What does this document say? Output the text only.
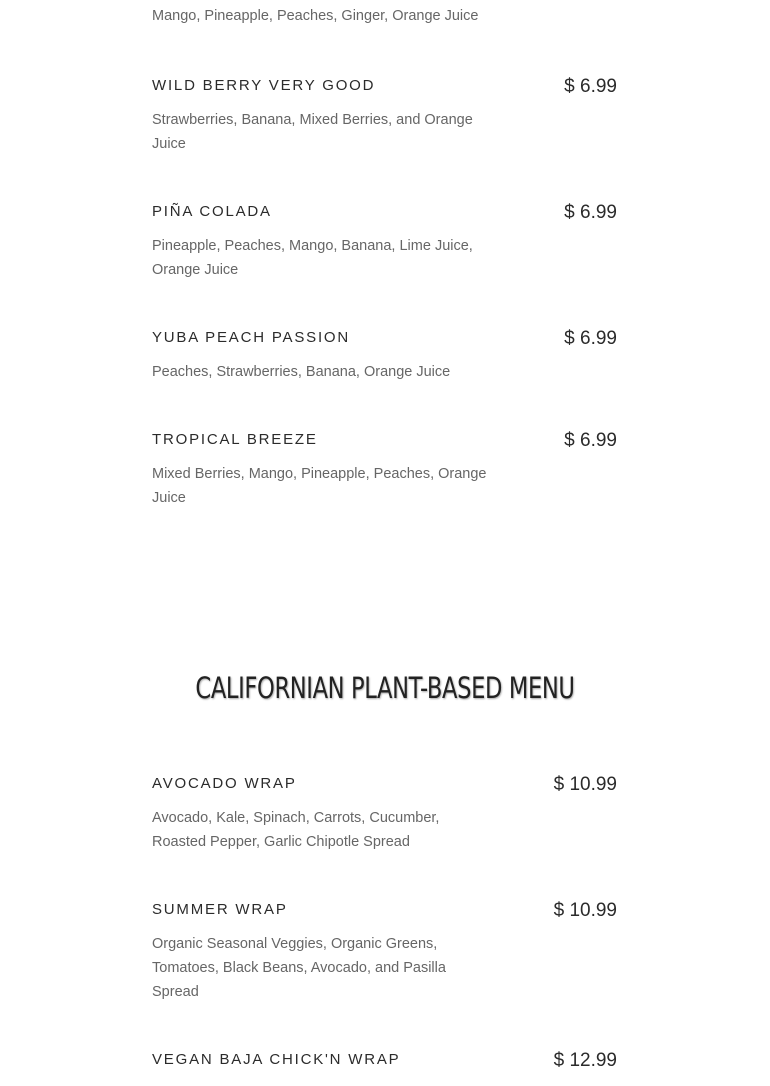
Mango, Pineapple, Peaches, Ginger, Orange Juice
WILD BERRY VERY GOOD	$ 6.99
Strawberries, Banana, Mixed Berries, and Orange Juice
PIÑA COLADA	$ 6.99
Pineapple, Peaches, Mango, Banana, Lime Juice, Orange Juice
YUBA PEACH PASSION	$ 6.99
Peaches, Strawberries, Banana, Orange Juice
TROPICAL BREEZE	$ 6.99
Mixed Berries, Mango, Pineapple, Peaches, Orange Juice
CALIFORNIAN PLANT-BASED MENU
AVOCADO WRAP	$ 10.99
Avocado, Kale, Spinach, Carrots, Cucumber, Roasted Pepper, Garlic Chipotle Spread
SUMMER WRAP	$ 10.99
Organic Seasonal Veggies, Organic Greens, Tomatoes, Black Beans, Avocado, and Pasilla Spread
VEGAN BAJA CHICK'N WRAP	$ 12.99
